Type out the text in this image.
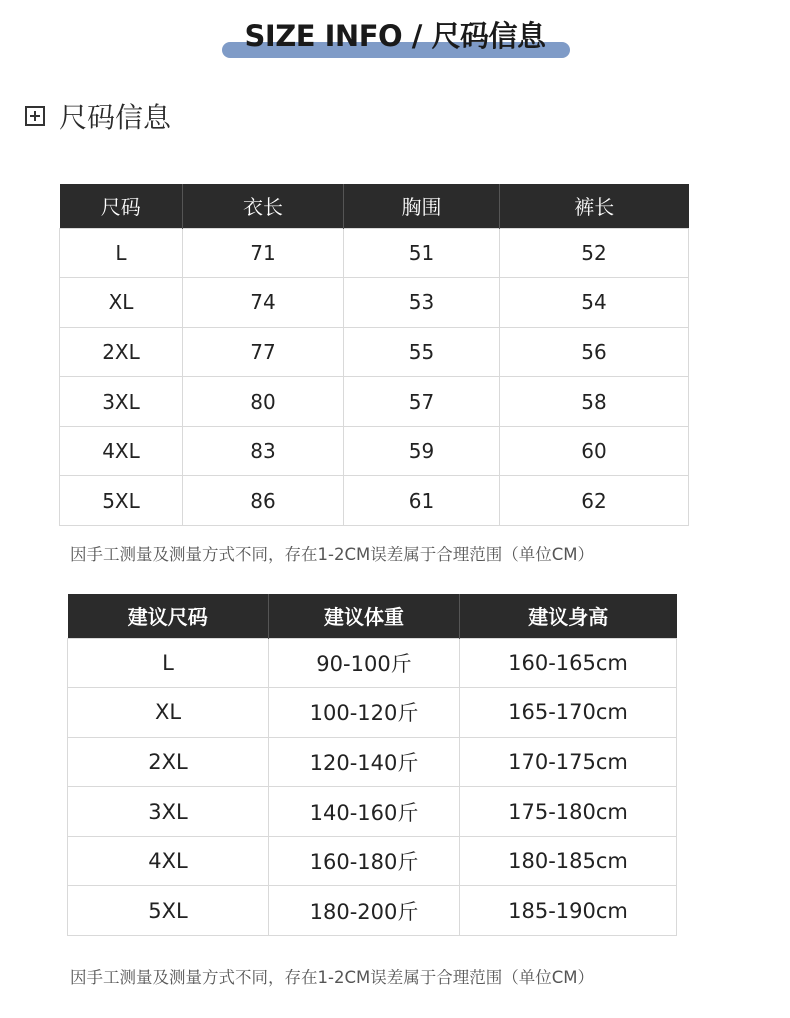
SIZE INFO / 尺码信息
尺码信息
尺码	衣长	胸围	裤长
L	71	51	52
XL	74	53	54
2XL	77	55	56
3XL	80	57	58
4XL	83	59	60
5XL	86	61	62
因手工测量及测量方式不同，存在1-2CM误差属于合理范围（单位CM）
建议尺码	建议体重	建议身高
L	90-100斤	160-165cm
XL	100-120斤	165-170cm
2XL	120-140斤	170-175cm
3XL	140-160斤	175-180cm
4XL	160-180斤	180-185cm
5XL	180-200斤	185-190cm
因手工测量及测量方式不同，存在1-2CM误差属于合理范围（单位CM）
